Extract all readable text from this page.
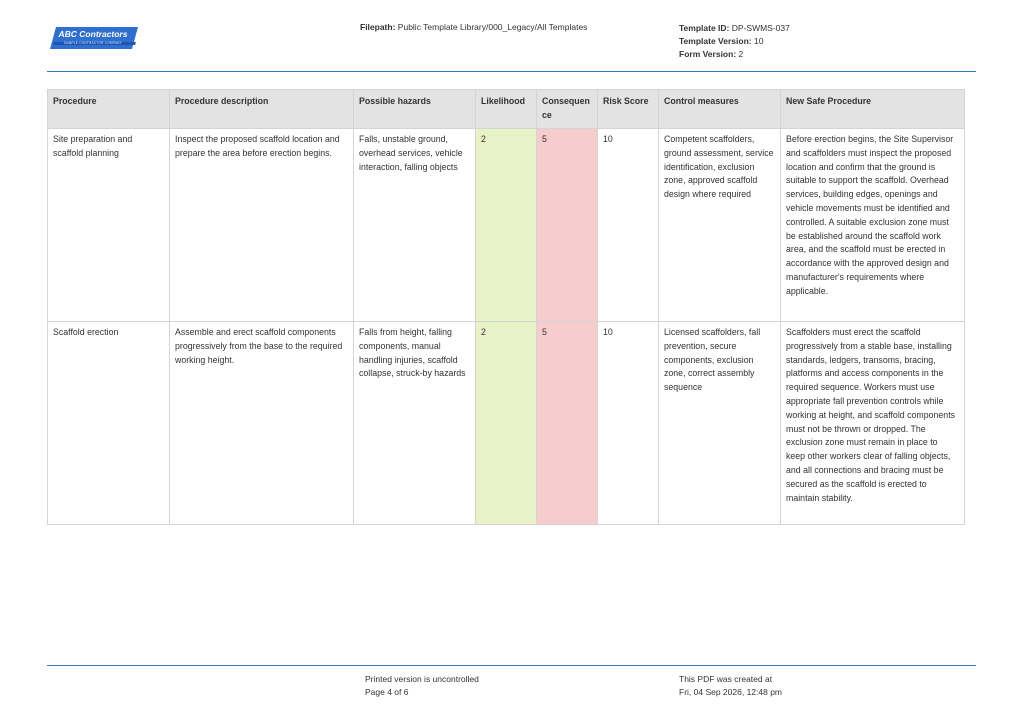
ABC Contractors
SAMPLE CONTRACTOR COMPANY
Filepath: Public Template Library/000_Legacy/All Templates	Template ID: DP-SWMS-037
Template Version: 10
Form Version: 2
Procedure	Procedure description	Possible hazards	Likelihood	Consequen ce	Risk Score	Control measures	New Safe Procedure
Site preparation and scaffold planning	Inspect the proposed scaffold location and prepare the area before erection begins.	Falls, unstable ground, overhead services, vehicle interaction, falling objects	2	5	10	Competent scaffolders, ground assessment, service identification, exclusion zone, approved scaffold design where required	Before erection begins, the Site Supervisor and scaffolders must inspect the proposed location and confirm that the ground is suitable to support the scaffold. Overhead services, building edges, openings and vehicle movements must be identified and controlled. A suitable exclusion zone must be established around the scaffold work area, and the scaffold must be erected in accordance with the approved design and manufacturer's requirements where applicable.
Scaffold erection	Assemble and erect scaffold components progressively from the base to the required working height.	Falls from height, falling components, manual handling injuries, scaffold collapse, struck-by hazards	2	5	10	Licensed scaffolders, fall prevention, secure components, exclusion zone, correct assembly sequence	Scaffolders must erect the scaffold progressively from a stable base, installing standards, ledgers, transoms, bracing, platforms and access components in the required sequence. Workers must use appropriate fall prevention controls while working at height, and scaffold components must not be thrown or dropped. The exclusion zone must remain in place to keep other workers clear of falling objects, and all connections and bracing must be secured as the scaffold is erected to maintain stability.
Printed version is uncontrolled
Page 4 of 6
This PDF was created at
Fri, 04 Sep 2026, 12:48 pm
